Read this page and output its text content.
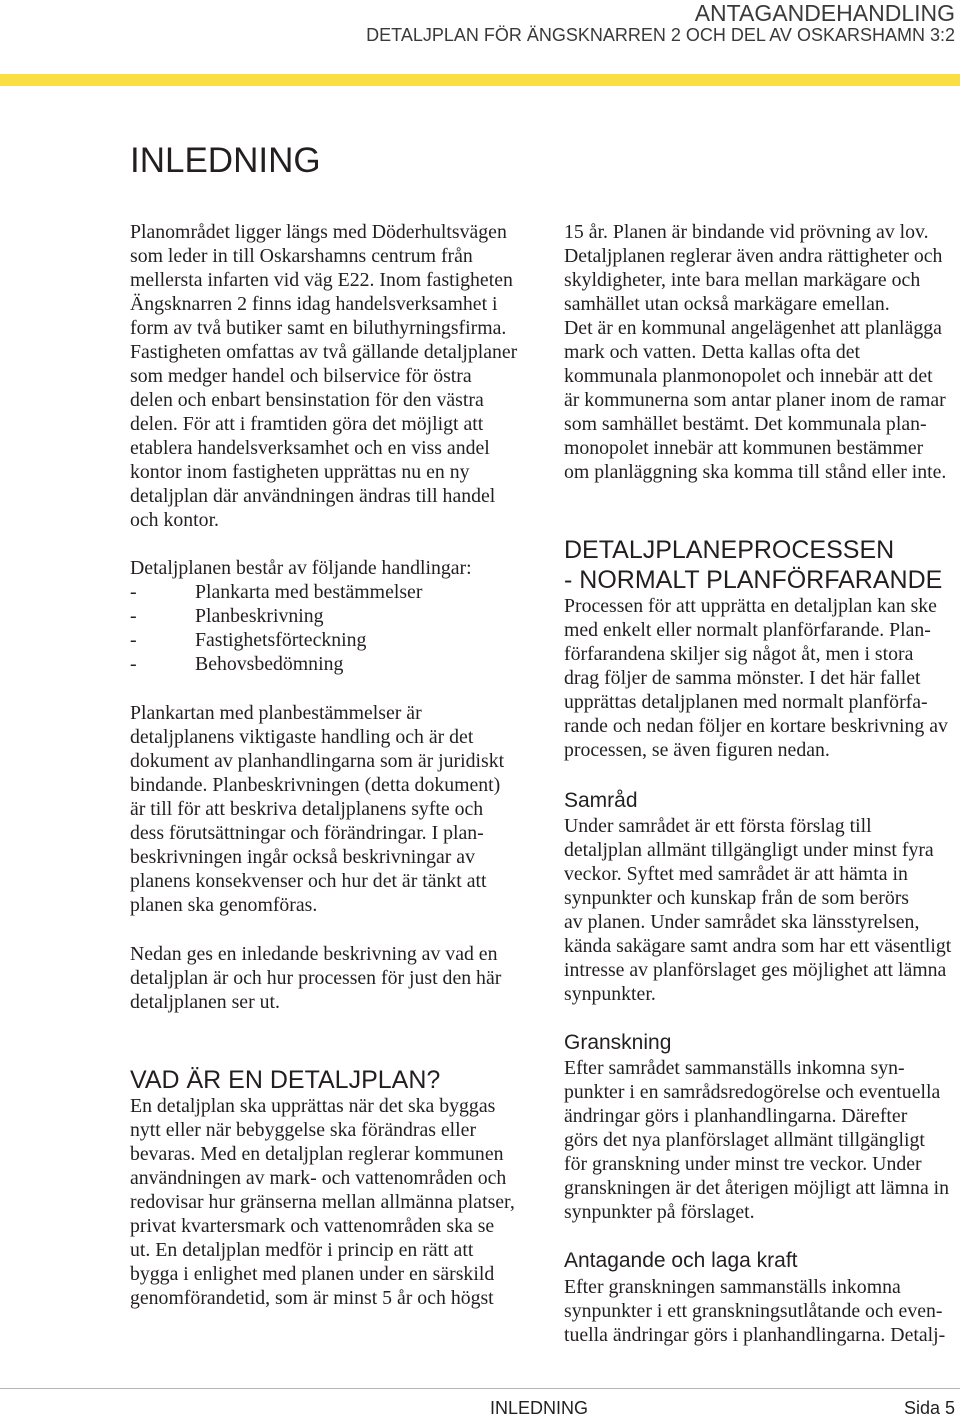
ANTAGANDEHANDLING
DETALJPLAN FÖR ÄNGSKNARREN 2 OCH DEL AV OSKARSHAMN 3:2
INLEDNING
Planområdet ligger längs med Döderhultsvägen
som leder in till Oskarshamns centrum från
mellersta infarten vid väg E22. Inom fastigheten
Ängsknarren 2 finns idag handelsverksamhet i
form av två butiker samt en biluthyrningsfirma.
Fastigheten omfattas av två gällande detaljplaner
som medger handel och bilservice för östra
delen och enbart bensinstation för den västra
delen. För att i framtiden göra det möjligt att
etablera handelsverksamhet och en viss andel
kontor inom fastigheten upprättas nu en ny
detaljplan där användningen ändras till handel
och kontor.
Detaljplanen består av följande handlingar:
-	Plankarta med bestämmelser
-	Planbeskrivning
-	Fastighetsförteckning
-	Behovsbedömning
Plankartan med planbestämmelser är
detaljplanens viktigaste handling och är det
dokument av planhandlingarna som är juridiskt
bindande. Planbeskrivningen (detta dokument)
är till för att beskriva detaljplanens syfte och
dess förutsättningar och förändringar. I plan-
beskrivningen ingår också beskrivningar av
planens konsekvenser och hur det är tänkt att
planen ska genomföras.
Nedan ges en inledande beskrivning av vad en
detaljplan är och hur processen för just den här
detaljplanen ser ut.
VAD ÄR EN DETALJPLAN?
En detaljplan ska upprättas när det ska byggas
nytt eller när bebyggelse ska förändras eller
bevaras. Med en detaljplan reglerar kommunen
användningen av mark- och vattenområden och
redovisar hur gränserna mellan allmänna platser,
privat kvartersmark och vattenområden ska se
ut. En detaljplan medför i princip en rätt att
bygga i enlighet med planen under en särskild
genomförandetid, som är minst 5 år och högst
15 år. Planen är bindande vid prövning av lov.
Detaljplanen reglerar även andra rättigheter och
skyldigheter, inte bara mellan markägare och
samhället utan också markägare emellan.
Det är en kommunal angelägenhet att planlägga
mark och vatten. Detta kallas ofta det
kommunala planmonopolet och innebär att det
är kommunerna som antar planer inom de ramar
som samhället bestämt. Det kommunala plan-
monopolet innebär att kommunen bestämmer
om planläggning ska komma till stånd eller inte.
DETALJPLANEPROCESSEN
- NORMALT PLANFÖRFARANDE
Processen för att upprätta en detaljplan kan ske
med enkelt eller normalt planförfarande. Plan-
förfarandena skiljer sig något åt, men i stora
drag följer de samma mönster. I det här fallet
upprättas detaljplanen med normalt planförfa-
rande och nedan följer en kortare beskrivning av
processen, se även figuren nedan.
Samråd
Under samrådet är ett första förslag till
detaljplan allmänt tillgängligt under minst fyra
veckor. Syftet med samrådet är att hämta in
synpunkter och kunskap från de som berörs
av planen. Under samrådet ska länsstyrelsen,
kända sakägare samt andra som har ett väsentligt
intresse av planförslaget ges möjlighet att lämna
synpunkter.
Granskning
Efter samrådet sammanställs inkomna syn-
punkter i en samrådsredogörelse och eventuella
ändringar görs i planhandlingarna. Därefter
görs det nya planförslaget allmänt tillgängligt
för granskning under minst tre veckor. Under
granskningen är det återigen möjligt att lämna in
synpunkter på förslaget.
Antagande och laga kraft
Efter granskningen sammanställs inkomna
synpunkter i ett granskningsutlåtande och even-
tuella ändringar görs i planhandlingarna. Detalj-
INLEDNING	Sida 5
